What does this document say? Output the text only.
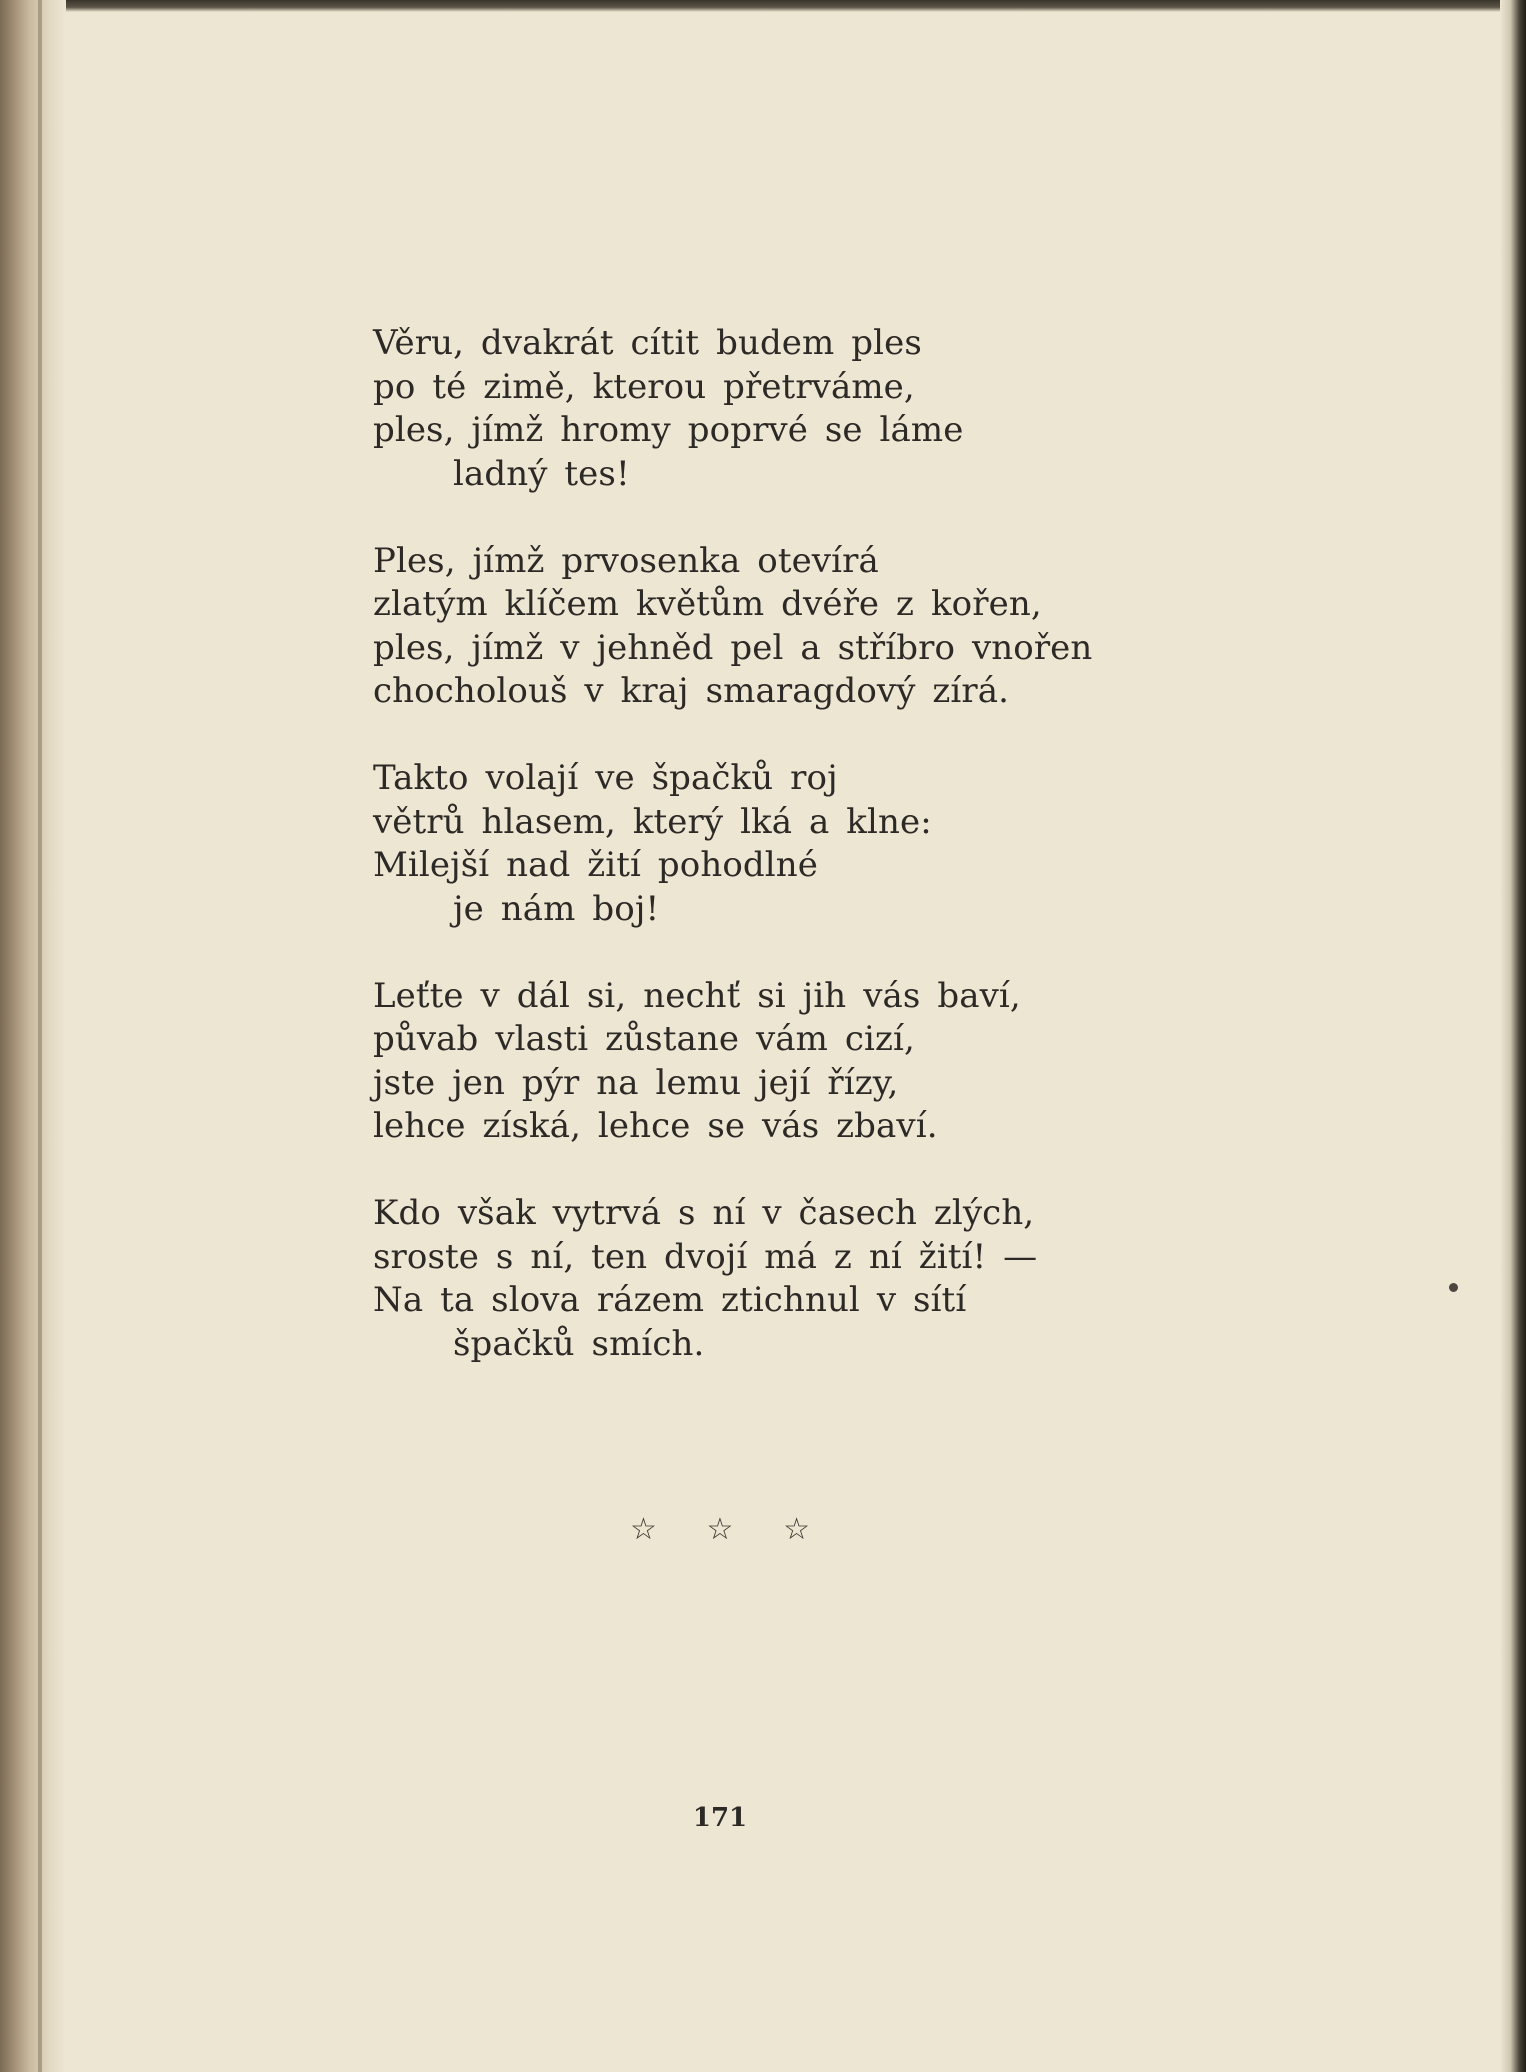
Věru, dvakrát cítit budem ples
po té zimě, kterou přetrváme,
ples, jímž hromy poprvé se láme
ladný tes!
Ples, jímž prvosenka otevírá
zlatým klíčem květům dvéře z kořen,
ples, jímž v jehněd pel a stříbro vnořen
chocholouš v kraj smaragdový zírá.
Takto volají ve špačků roj
větrů hlasem, který lká a klne:
Milejší nad žití pohodlné
je nám boj!
Leťte v dál si, nechť si jih vás baví,
půvab vlasti zůstane vám cizí,
jste jen pýr na lemu její řízy,
lehce získá, lehce se vás zbaví.
Kdo však vytrvá s ní v časech zlých,
sroste s ní, ten dvojí má z ní žití! —
Na ta slova rázem ztichnul v sítí
špačků smích.
☆ ☆ ☆
171
